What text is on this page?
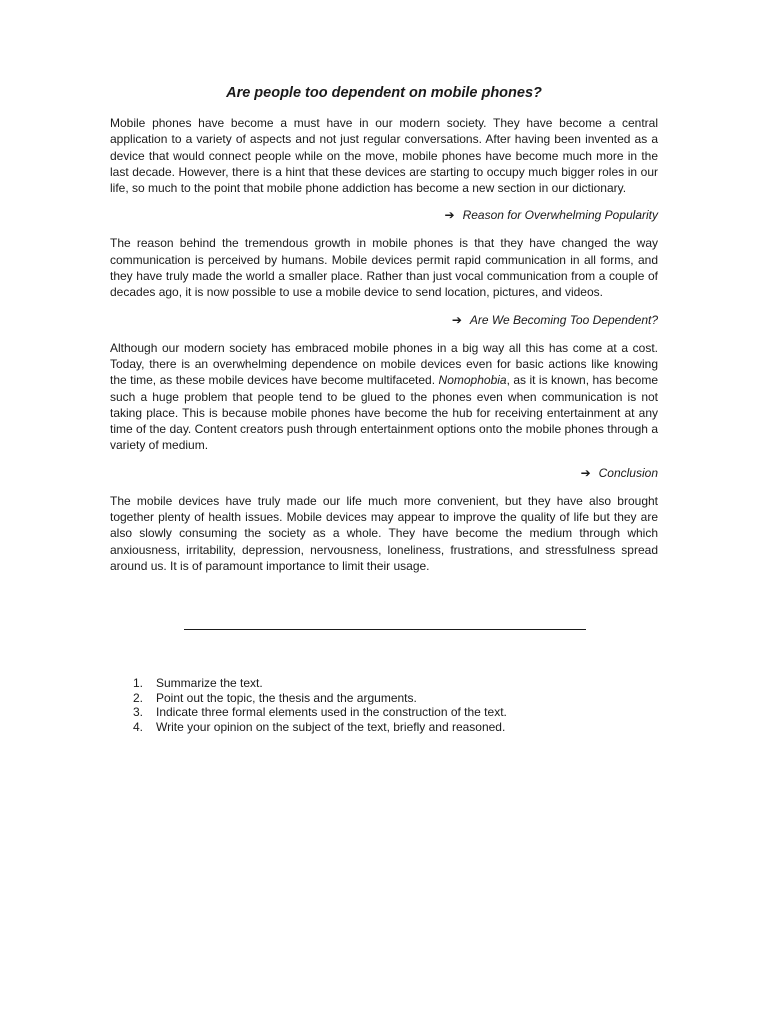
Are people too dependent on mobile phones?

Mobile phones have become a must have in our modern society. They have become a central application to a variety of aspects and not just regular conversations. After having been invented as a device that would connect people while on the move, mobile phones have become much more in the last decade. However, there is a hint that these devices are starting to occupy much bigger roles in our life, so much to the point that mobile phone addiction has become a new section in our dictionary.

➔ Reason for Overwhelming Popularity

The reason behind the tremendous growth in mobile phones is that they have changed the way communication is perceived by humans. Mobile devices permit rapid communication in all forms, and they have truly made the world a smaller place. Rather than just vocal communication from a couple of decades ago, it is now possible to use a mobile device to send location, pictures, and videos.

➔ Are We Becoming Too Dependent?

Although our modern society has embraced mobile phones in a big way all this has come at a cost. Today, there is an overwhelming dependence on mobile devices even for basic actions like knowing the time, as these mobile devices have become multifaceted. Nomophobia, as it is known, has become such a huge problem that people tend to be glued to the phones even when communication is not taking place. This is because mobile phones have become the hub for receiving entertainment at any time of the day. Content creators push through entertainment options onto the mobile phones through a variety of medium.

➔ Conclusion

The mobile devices have truly made our life much more convenient, but they have also brought together plenty of health issues. Mobile devices may appear to improve the quality of life but they are also slowly consuming the society as a whole. They have become the medium through which anxiousness, irritability, depression, nervousness, loneliness, frustrations, and stressfulness spread around us. It is of paramount importance to limit their usage.

1.	Summarize the text.
2.	Point out the topic, the thesis and the arguments.
3.	Indicate three formal elements used in the construction of the text.
4.	Write your opinion on the subject of the text, briefly and reasoned.
